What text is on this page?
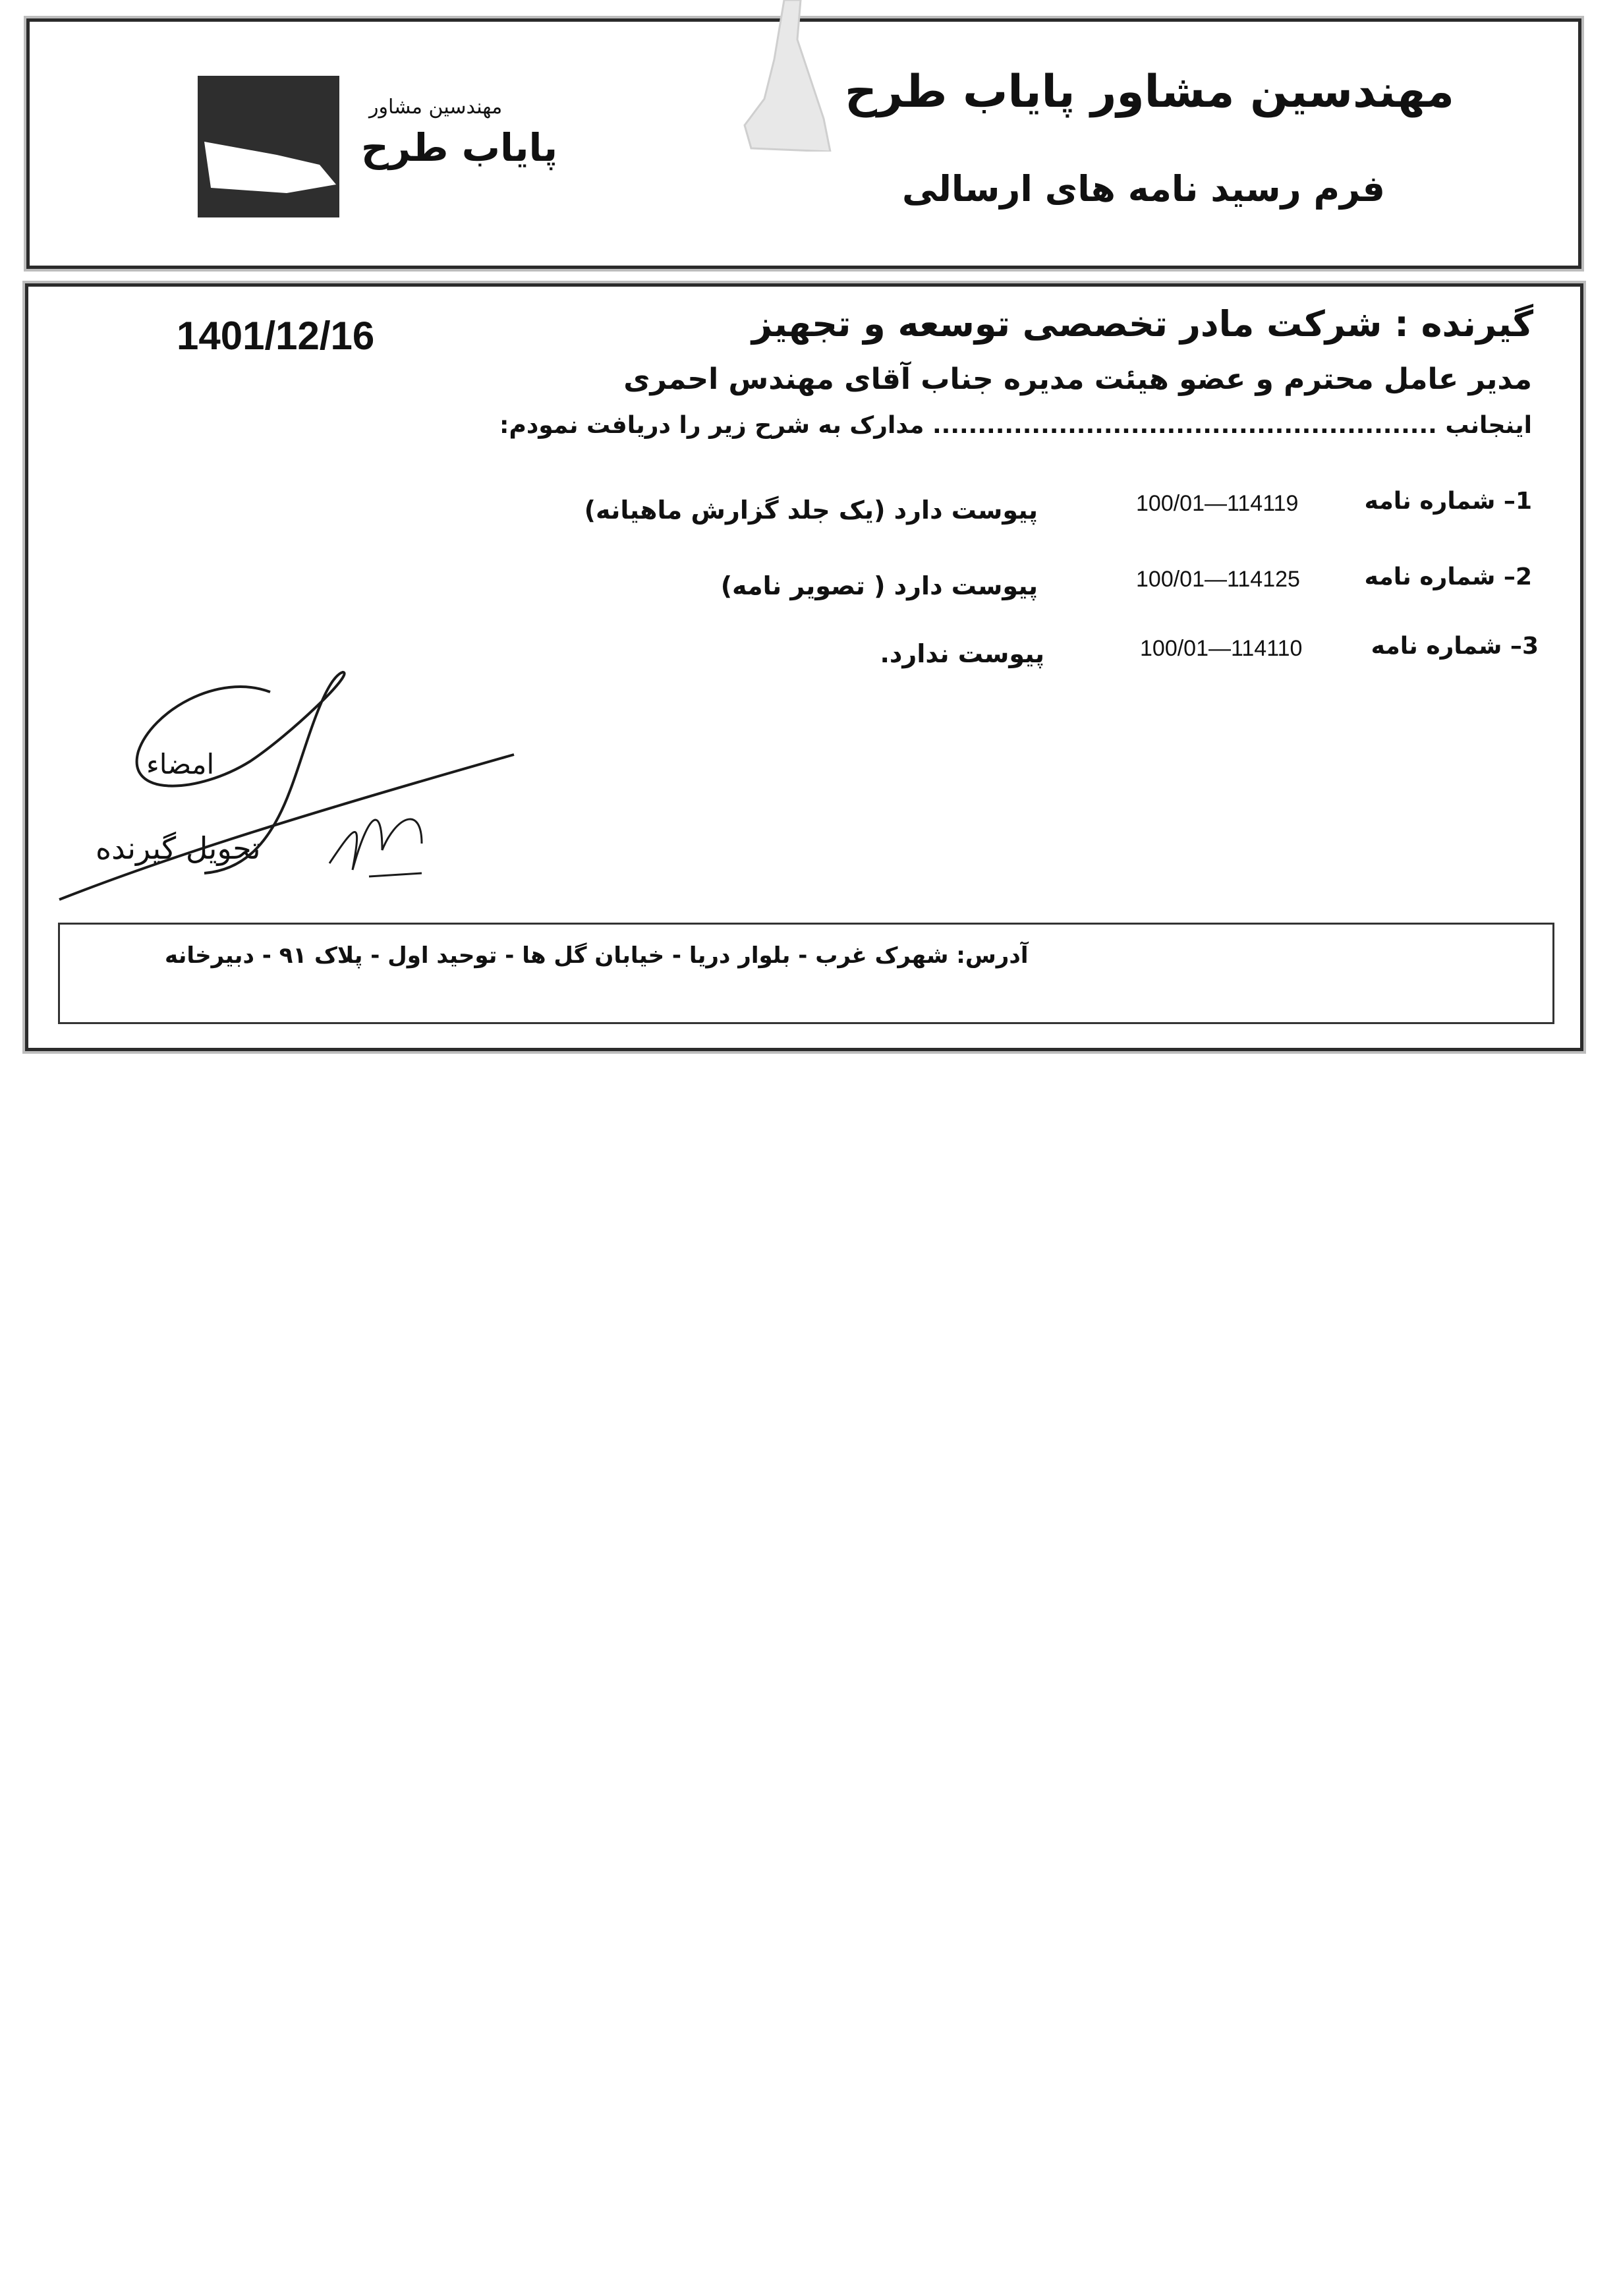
مهندسین مشاور پایاب طرح
فرم رسید نامه های ارسالی
مهندسین مشاور
پایاب طرح
1401/12/16	گیرنده : شرکت مادر تخصصی توسعه و تجهیز
مدیر عامل محترم و عضو هیئت مدیره جناب آقای مهندس احمری
اینجانب ........................................................ مدارک به شرح زیر را دریافت نمودم:
1– شماره نامه
100/01—114119
پیوست دارد (یک جلد گزارش ماهیانه)
2– شماره نامه
100/01—114125
پیوست دارد ( تصویر نامه)
3– شماره نامه
100/01—114110
پیوست ندارد.
امضاء
تحویل گیرنده
آدرس: شهرک غرب - بلوار دریا - خیابان گل ها - توحید اول - پلاک ۹۱ - دبیرخانه
